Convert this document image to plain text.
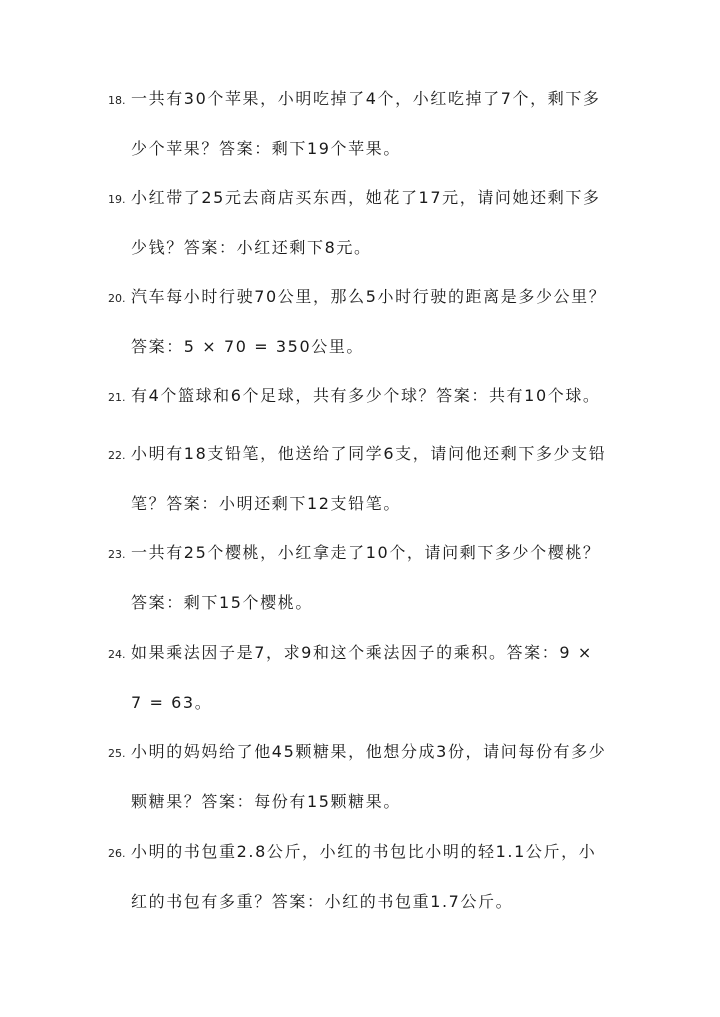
18. 一共有30个苹果，小明吃掉了4个，小红吃掉了7个，剩下多
少个苹果？答案：剩下19个苹果。
19. 小红带了25元去商店买东西，她花了17元，请问她还剩下多
少钱？答案：小红还剩下8元。
20. 汽车每小时行驶70公里，那么5小时行驶的距离是多少公里？
答案：5 × 70 = 350公里。
21. 有4个篮球和6个足球，共有多少个球？答案：共有10个球。
22. 小明有18支铅笔，他送给了同学6支，请问他还剩下多少支铅
笔？答案：小明还剩下12支铅笔。
23. 一共有25个樱桃，小红拿走了10个，请问剩下多少个樱桃？
答案：剩下15个樱桃。
24. 如果乘法因子是7，求9和这个乘法因子的乘积。答案：9 ×
7 = 63。
25. 小明的妈妈给了他45颗糖果，他想分成3份，请问每份有多少
颗糖果？答案：每份有15颗糖果。
26. 小明的书包重2.8公斤，小红的书包比小明的轻1.1公斤，小
红的书包有多重？答案：小红的书包重1.7公斤。
